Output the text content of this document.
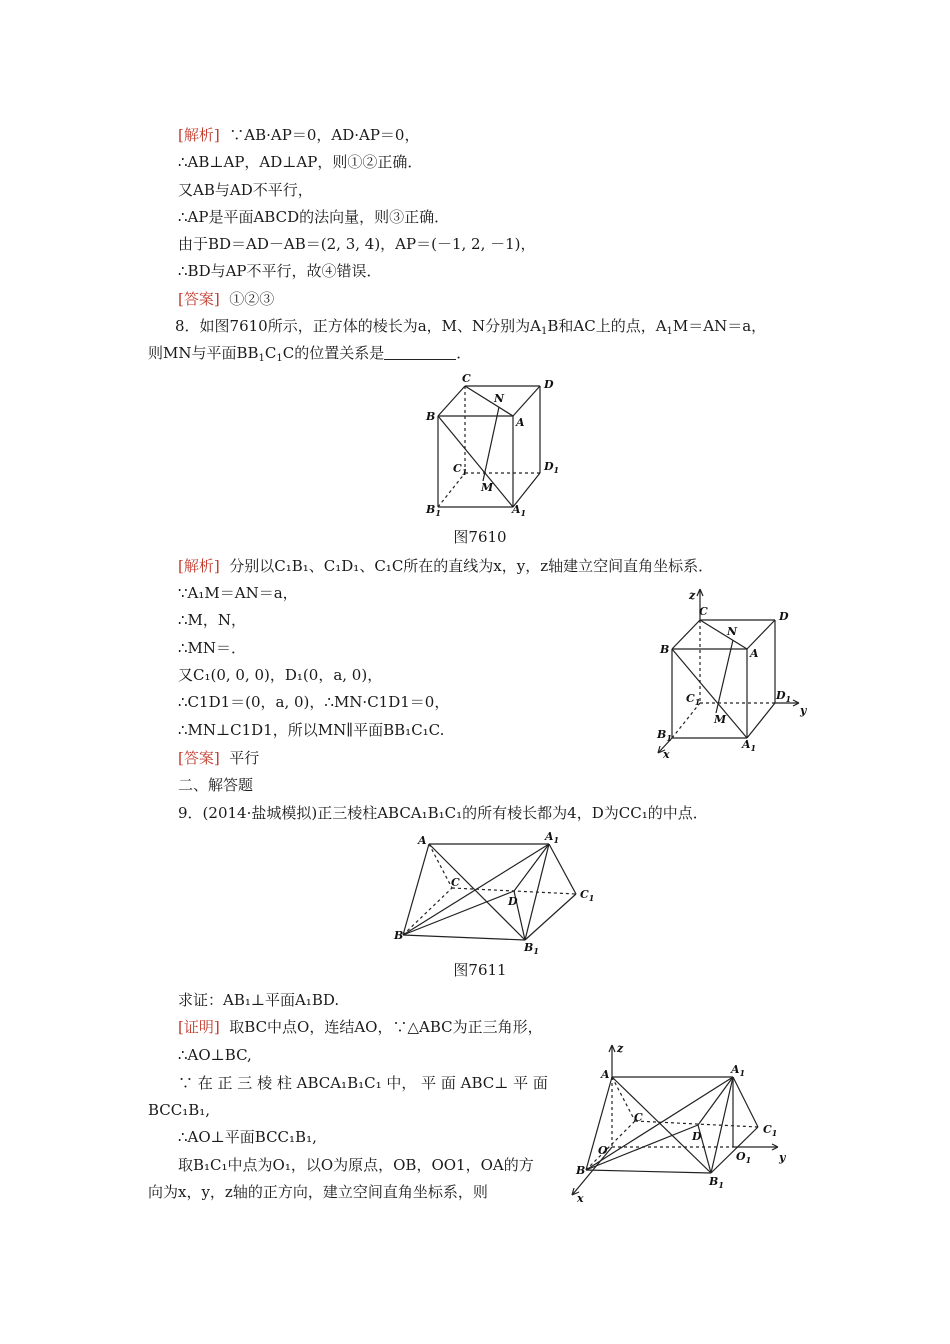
[解析] ∵AB·AP＝0，AD·AP＝0，
∴AB⊥AP，AD⊥AP，则①②正确．
又AB与AD不平行，
∴AP是平面ABCD的法向量，则③正确．
由于BD＝AD－AB＝(2, 3, 4)，AP＝(－1, 2, －1)，
∴BD与AP不平行，故④错误．
[答案] ①②③
8．如图7610所示，正方体的棱长为a，M、N分别为$A_1B$和AC上的点，$A_1M=AN=a$，
则MN与平面$BB_1C_1C$的位置关系是	．
C	D
N
B	A
$C_1$	$D_1$
M
$B_1$	$A_1$
图7610
[解析] 分别以C₁B₁、C₁D₁、C₁C所在的直线为x，y，z轴建立空间直角坐标系．
∵A₁M＝AN＝a，
∴M，N，
∴MN＝．
又C₁(0, 0, 0)，D₁(0，a, 0)，
∴C1D1＝(0，a, 0)，∴MN·C1D1＝0，
∴MN⊥C1D1，所以MN∥平面BB₁C₁C.
[答案] 平行
z
C	D
N
B	A
$C_1$	$D_1$
y
M
$B_1$	$A_1$
x
二、解答题
9．(2014·盐城模拟)正三棱柱ABCA₁B₁C₁的所有棱长都为4，D为CC₁的中点．
A	$A_1$
C
$C_1$
D
B
$B_1$
图7611
求证：AB₁⊥平面A₁BD.
[证明] 取BC中点O，连结AO，∵△ABC为正三角形，
∴AO⊥BC,
∵ 在 正 三 棱 柱 ABCA₁B₁C₁ 中， 平 面 ABC⊥ 平 面
BCC₁B₁,
∴AO⊥平面BCC₁B₁,
取B₁C₁中点为O₁，以O为原点，OB，OO1，OA的方
向为x，y，z轴的正方向，建立空间直角坐标系，则
z
A	$A_1$
C
$C_1$
D
O	$O_1$	y
B
$B_1$
x
